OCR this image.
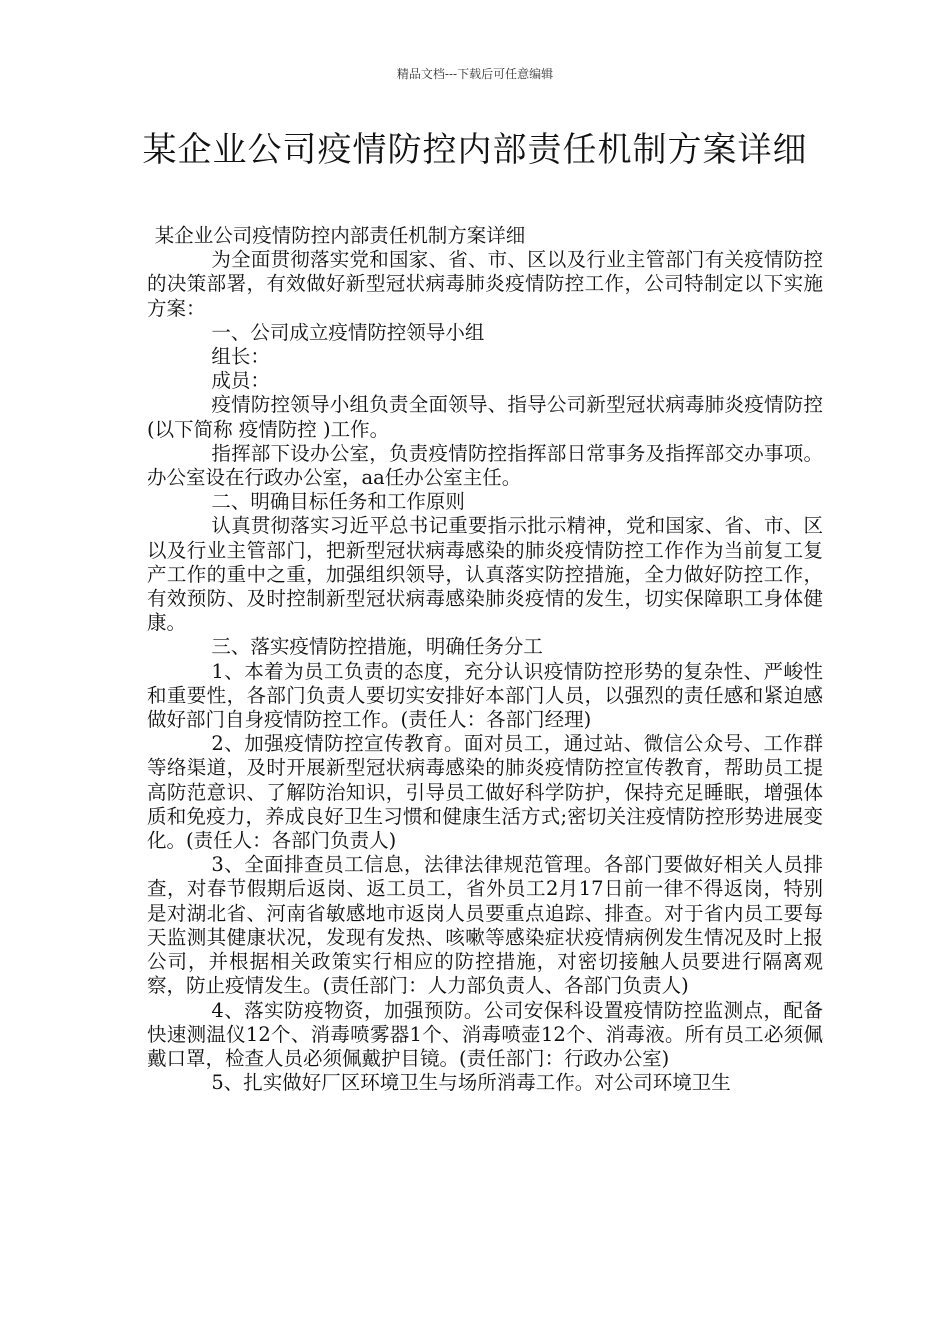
精品文档---下载后可任意编辑
某企业公司疫情防控内部责任机制方案详细

某企业公司疫情防控内部责任机制方案详细

为全面贯彻落实党和国家、省、市、区以及行业主管部门有关疫情防控的决策部署，有效做好新型冠状病毒肺炎疫情防控工作，公司特制定以下实施方案：

一、公司成立疫情防控领导小组

组长：

成员：

疫情防控领导小组负责全面领导、指导公司新型冠状病毒肺炎疫情防控(以下简称 疫情防控 )工作。

指挥部下设办公室，负责疫情防控指挥部日常事务及指挥部交办事项。办公室设在行政办公室，aa任办公室主任。

二、明确目标任务和工作原则

认真贯彻落实习近平总书记重要指示批示精神，党和国家、省、市、区以及行业主管部门，把新型冠状病毒感染的肺炎疫情防控工作作为当前复工复产工作的重中之重，加强组织领导，认真落实防控措施，全力做好防控工作，有效预防、及时控制新型冠状病毒感染肺炎疫情的发生，切实保障职工身体健康。

三、落实疫情防控措施，明确任务分工

1、本着为员工负责的态度，充分认识疫情防控形势的复杂性、严峻性和重要性，各部门负责人要切实安排好本部门人员，以强烈的责任感和紧迫感做好部门自身疫情防控工作。(责任人：各部门经理)

2、加强疫情防控宣传教育。面对员工，通过站、微信公众号、工作群等络渠道，及时开展新型冠状病毒感染的肺炎疫情防控宣传教育，帮助员工提高防范意识、了解防治知识，引导员工做好科学防护，保持充足睡眠，增强体质和免疫力，养成良好卫生习惯和健康生活方式;密切关注疫情防控形势进展变化。(责任人：各部门负责人)

3、全面排查员工信息，法律法律规范管理。各部门要做好相关人员排查，对春节假期后返岗、返工员工，省外员工2月17日前一律不得返岗，特别是对湖北省、河南省敏感地市返岗人员要重点追踪、排查。对于省内员工要每天监测其健康状况，发现有发热、咳嗽等感染症状疫情病例发生情况及时上报公司，并根据相关政策实行相应的防控措施，对密切接触人员要进行隔离观察，防止疫情发生。(责任部门：人力部负责人、各部门负责人)

4、落实防疫物资，加强预防。公司安保科设置疫情防控监测点，配备快速测温仪12个、消毒喷雾器1个、消毒喷壶12个、消毒液。所有员工必须佩戴口罩，检查人员必须佩戴护目镜。(责任部门：行政办公室)

5、扎实做好厂区环境卫生与场所消毒工作。对公司环境卫生
